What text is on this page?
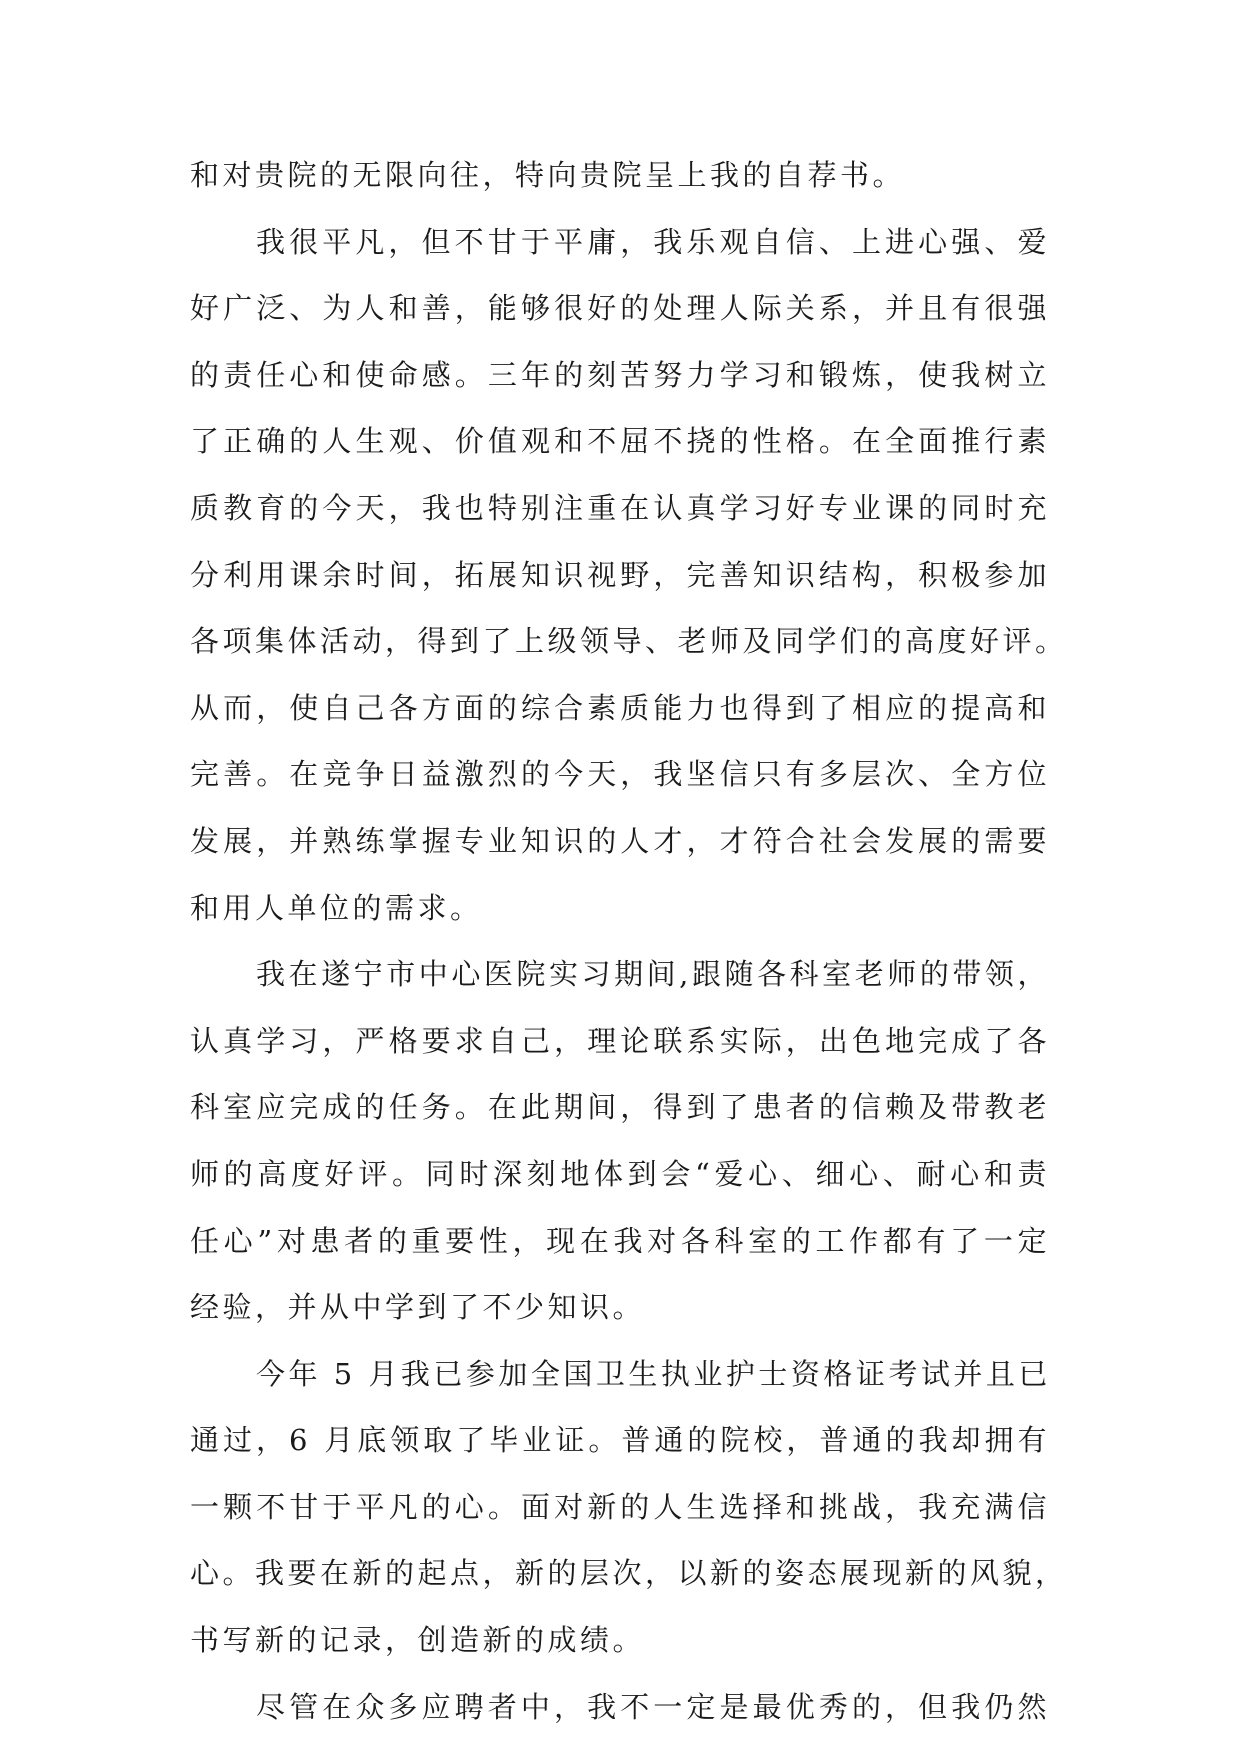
和对贵院的无限向往，特向贵院呈上我的自荐书。
我很平凡，但不甘于平庸，我乐观自信、上进心强、爱
好广泛、为人和善，能够很好的处理人际关系，并且有很强
的责任心和使命感。三年的刻苦努力学习和锻炼，使我树立
了正确的人生观、价值观和不屈不挠的性格。在全面推行素
质教育的今天，我也特别注重在认真学习好专业课的同时充
分利用课余时间，拓展知识视野，完善知识结构，积极参加
各项集体活动，得到了上级领导、老师及同学们的高度好评。
从而，使自己各方面的综合素质能力也得到了相应的提高和
完善。在竞争日益激烈的今天，我坚信只有多层次、全方位
发展，并熟练掌握专业知识的人才，才符合社会发展的需要
和用人单位的需求。
我在遂宁市中心医院实习期间,跟随各科室老师的带领，
认真学习，严格要求自己，理论联系实际，出色地完成了各
科室应完成的任务。在此期间，得到了患者的信赖及带教老
师的高度好评。同时深刻地体到会“爱心、细心、耐心和责
任心”对患者的重要性，现在我对各科室的工作都有了一定
经验，并从中学到了不少知识。
今年 5 月我已参加全国卫生执业护士资格证考试并且已
通过，6 月底领取了毕业证。普通的院校，普通的我却拥有
一颗不甘于平凡的心。面对新的人生选择和挑战，我充满信
心。我要在新的起点，新的层次，以新的姿态展现新的风貌，
书写新的记录，创造新的成绩。
尽管在众多应聘者中，我不一定是最优秀的，但我仍然
